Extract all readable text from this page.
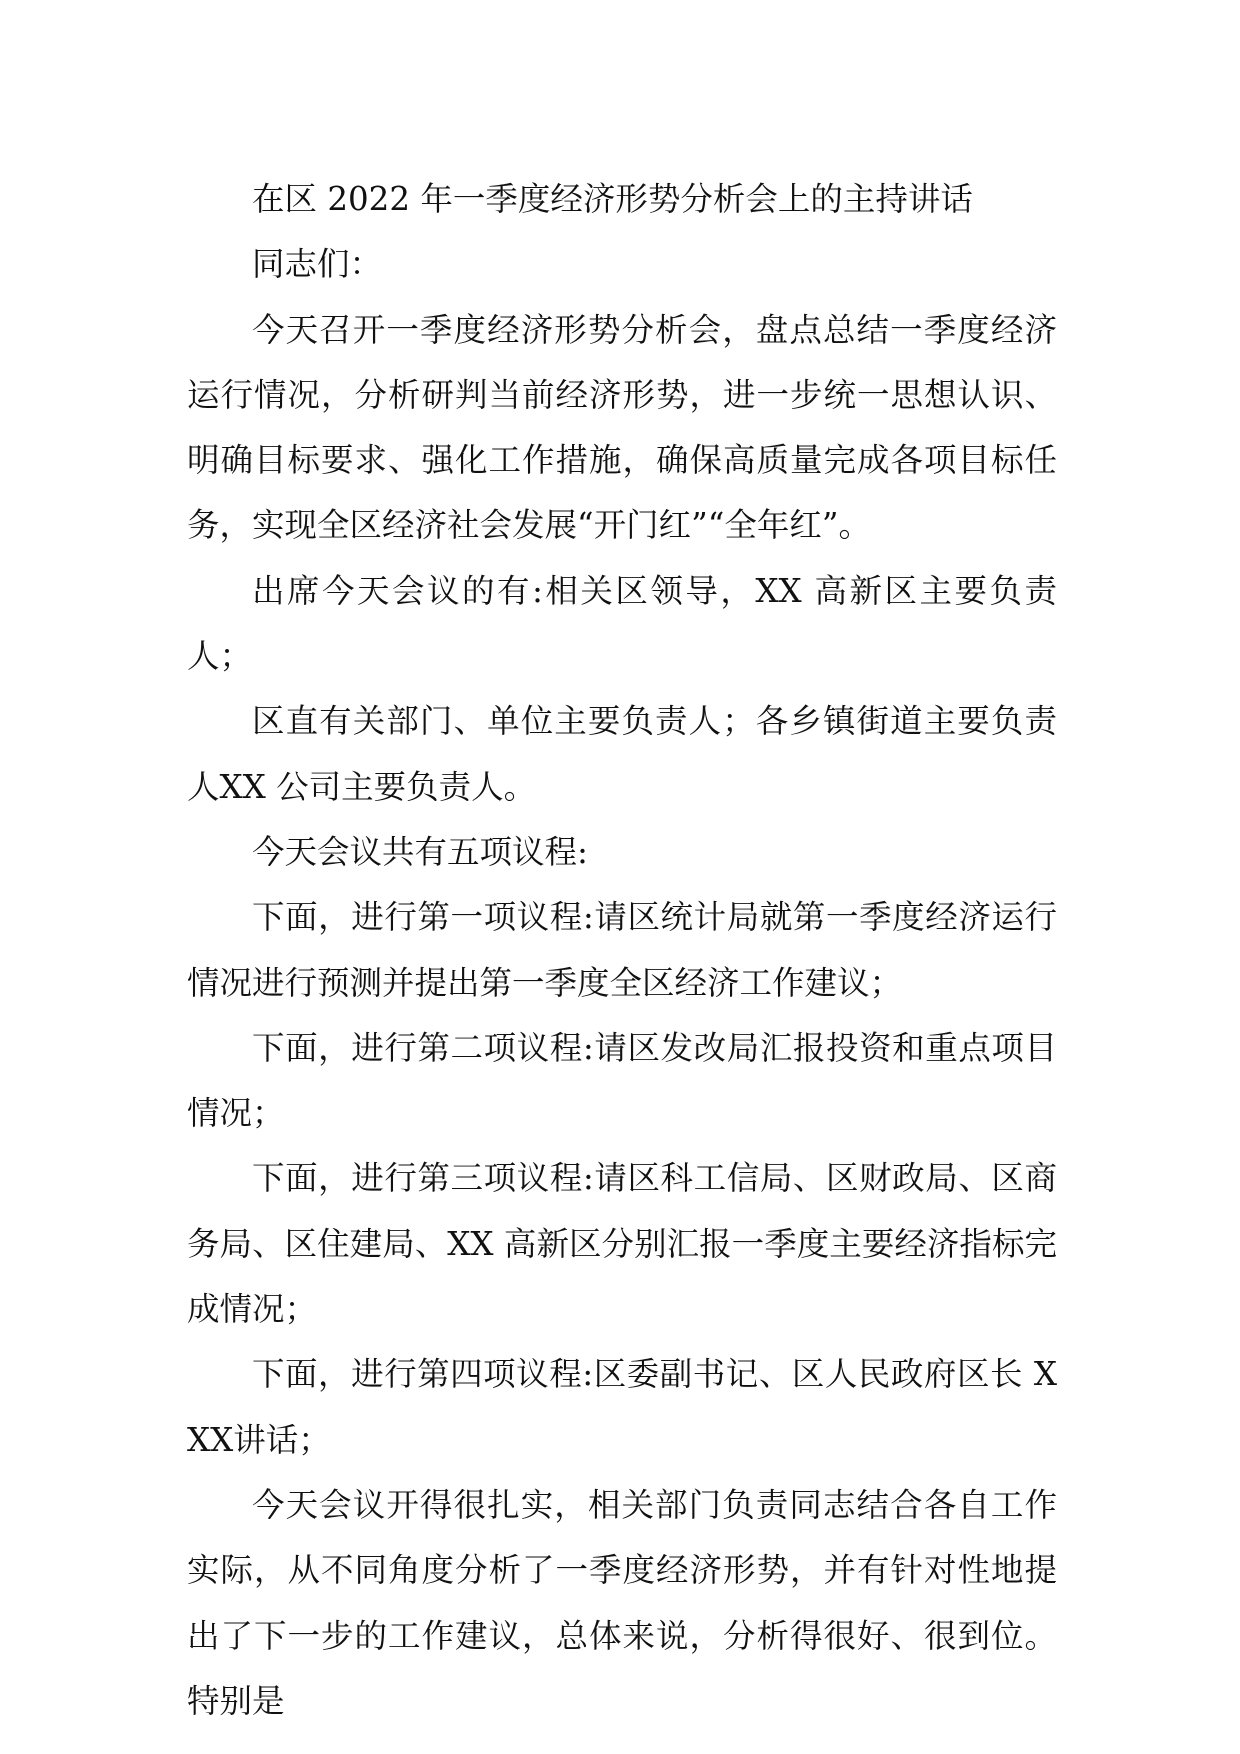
在区 2022 年一季度经济形势分析会上的主持讲话

同志们：

今天召开一季度经济形势分析会，盘点总结一季度经济运行情况，分析研判当前经济形势，进一步统一思想认识、明确目标要求、强化工作措施，确保高质量完成各项目标任务，实现全区经济社会发展“开门红”“全年红”。

出席今天会议的有:相关区领导，XX 高新区主要负责人；

区直有关部门、单位主要负责人；各乡镇街道主要负责人XX 公司主要负责人。

今天会议共有五项议程:

下面，进行第一项议程:请区统计局就第一季度经济运行情况进行预测并提出第一季度全区经济工作建议；

下面，进行第二项议程:请区发改局汇报投资和重点项目情况；

下面，进行第三项议程:请区科工信局、区财政局、区商务局、区住建局、XX 高新区分别汇报一季度主要经济指标完成情况；

下面，进行第四项议程:区委副书记、区人民政府区长 XXX讲话；

今天会议开得很扎实，相关部门负责同志结合各自工作实际，从不同角度分析了一季度经济形势，并有针对性地提出了下一步的工作建议，总体来说，分析得很好、很到位。特别是
